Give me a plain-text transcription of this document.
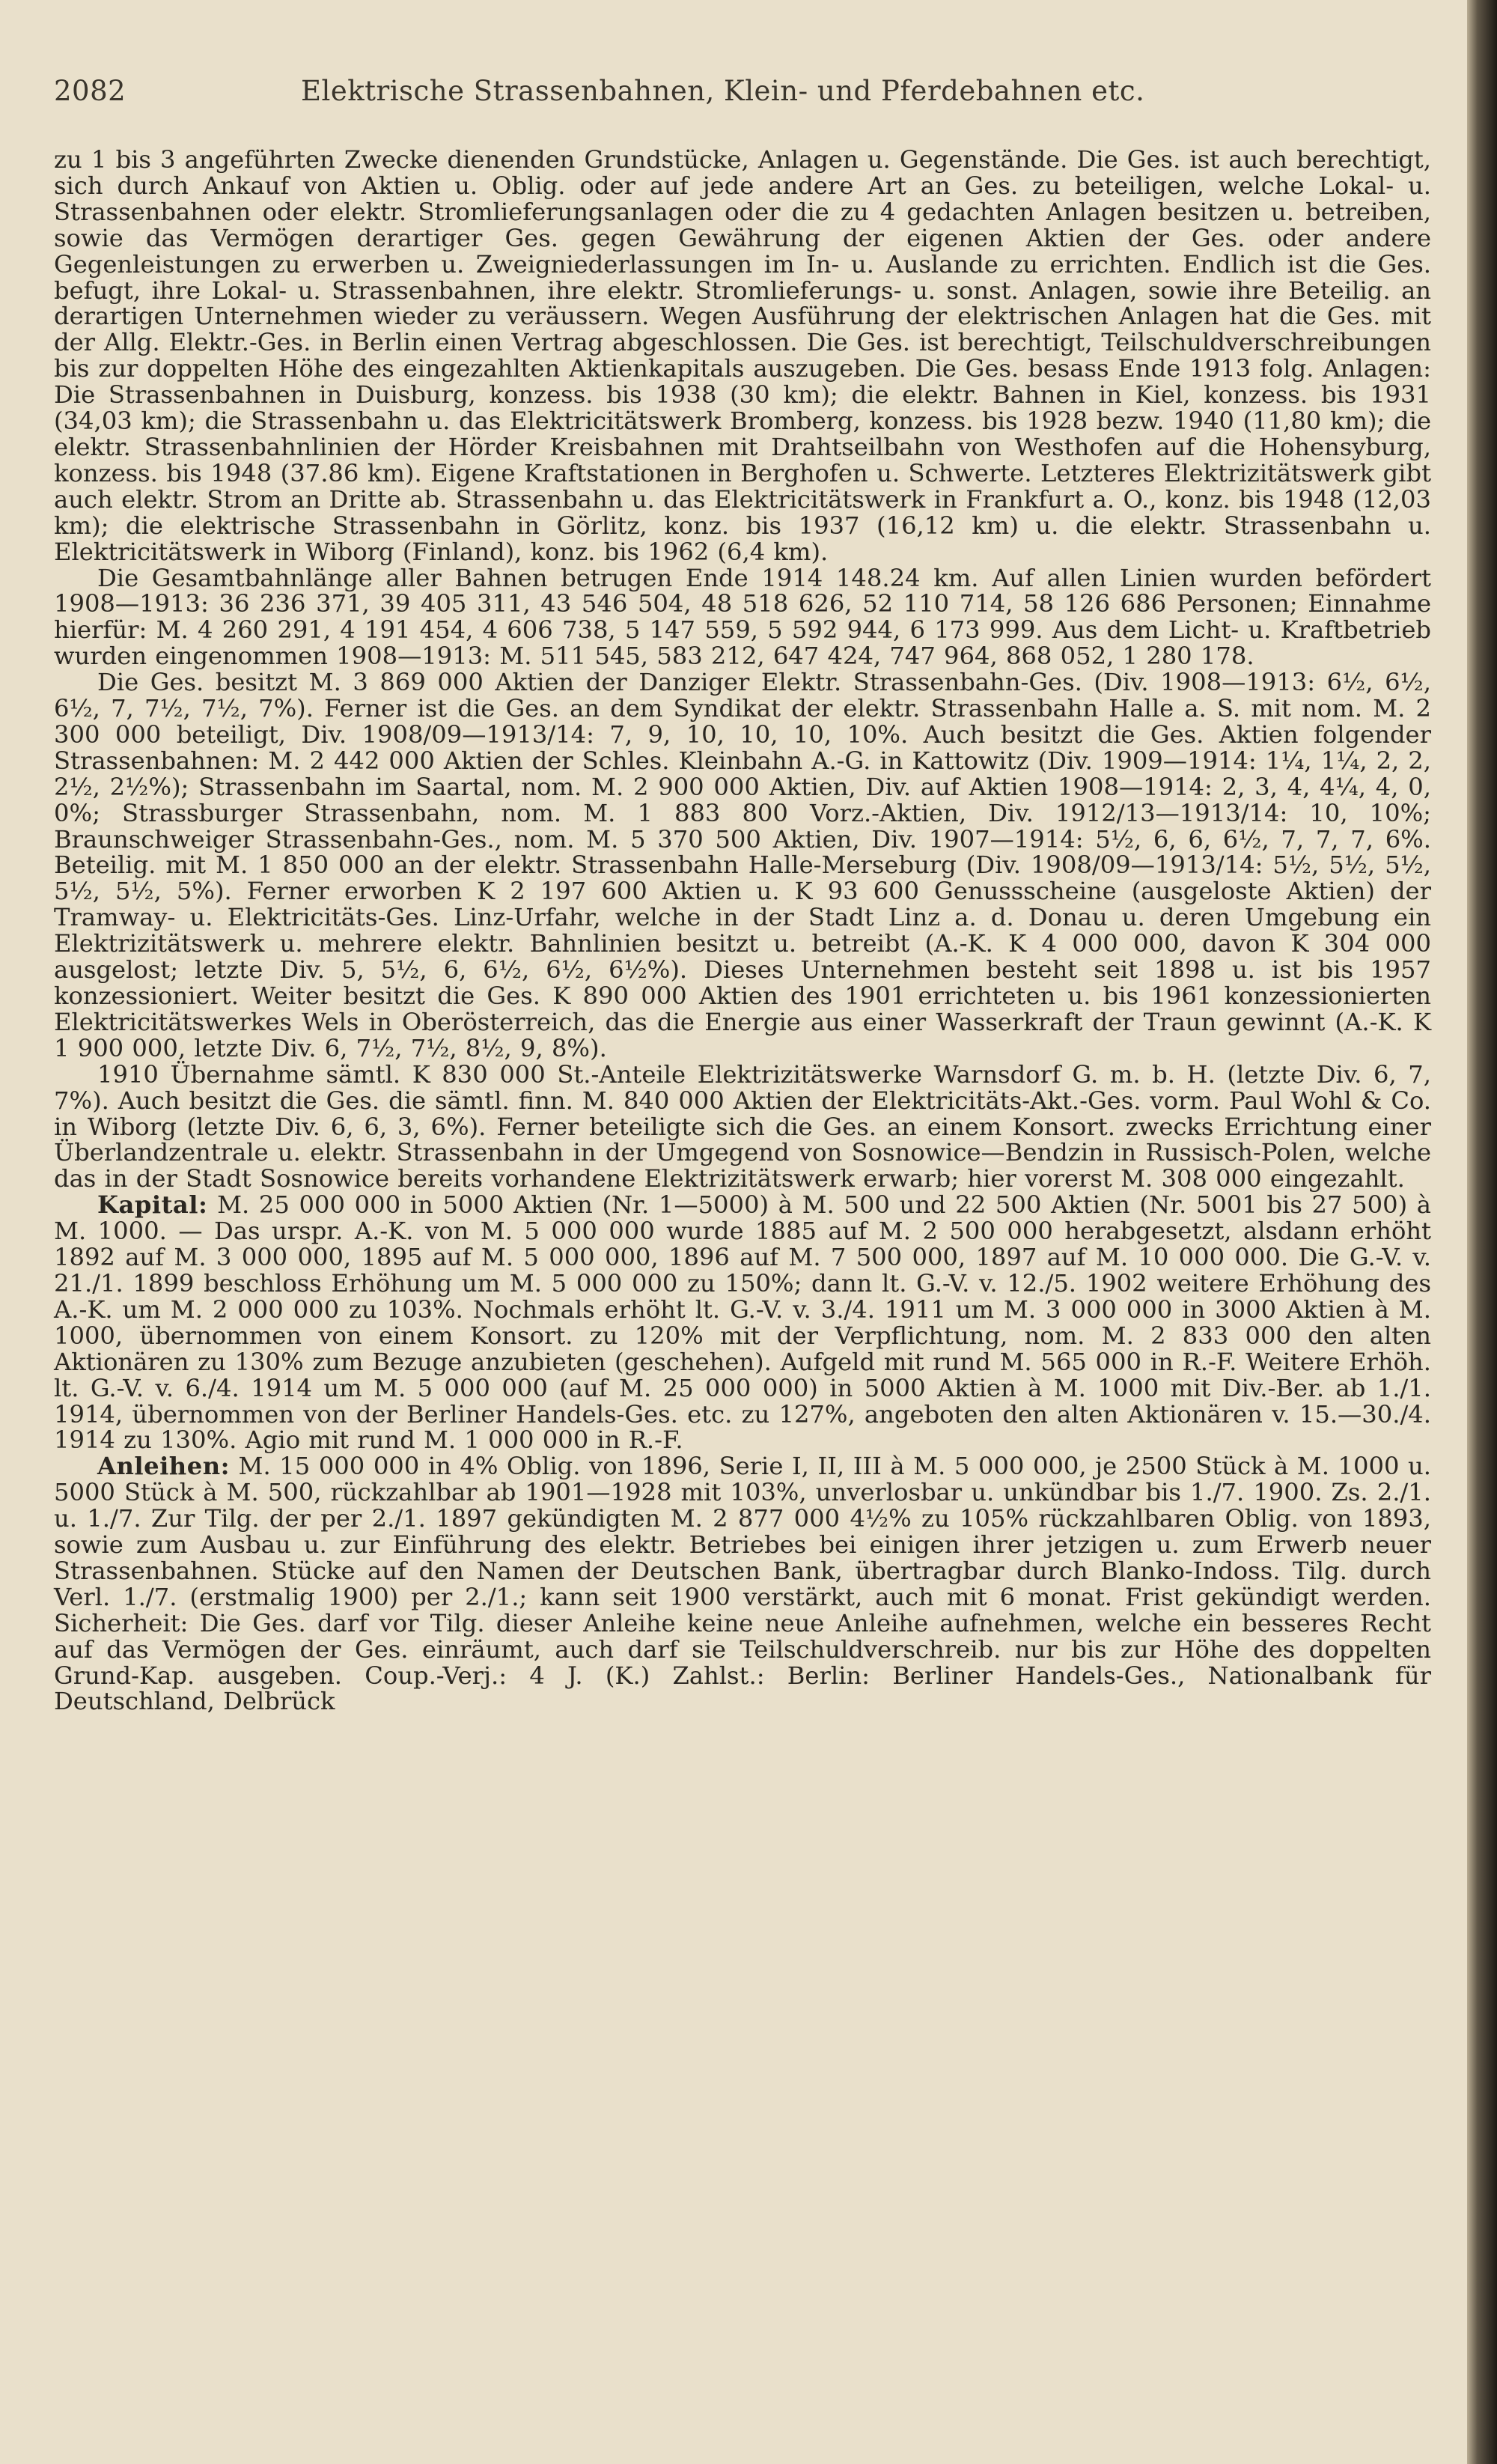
2082	Elektrische Strassenbahnen, Klein- und Pferdebahnen etc.

zu 1 bis 3 angeführten Zwecke dienenden Grundstücke, Anlagen u. Gegenstände. Die Ges. ist auch berechtigt, sich durch Ankauf von Aktien u. Oblig. oder auf jede andere Art an Ges. zu beteiligen, welche Lokal- u. Strassenbahnen oder elektr. Stromlieferungsanlagen oder die zu 4 gedachten Anlagen besitzen u. betreiben, sowie das Vermögen derartiger Ges. gegen Gewährung der eigenen Aktien der Ges. oder andere Gegenleistungen zu erwerben u. Zweigniederlassungen im In- u. Auslande zu errichten. Endlich ist die Ges. befugt, ihre Lokal- u. Strassenbahnen, ihre elektr. Stromlieferungs- u. sonst. Anlagen, sowie ihre Beteilig. an derartigen Unternehmen wieder zu veräussern. Wegen Ausführung der elektrischen Anlagen hat die Ges. mit der Allg. Elektr.-Ges. in Berlin einen Vertrag abgeschlossen. Die Ges. ist berechtigt, Teilschuldverschreibungen bis zur doppelten Höhe des eingezahlten Aktienkapitals auszugeben. Die Ges. besass Ende 1913 folg. Anlagen: Die Strassenbahnen in Duisburg, konzess. bis 1938 (30 km); die elektr. Bahnen in Kiel, konzess. bis 1931 (34,03 km); die Strassenbahn u. das Elektricitätswerk Bromberg, konzess. bis 1928 bezw. 1940 (11,80 km); die elektr. Strassenbahnlinien der Hörder Kreisbahnen mit Drahtseilbahn von Westhofen auf die Hohensyburg, konzess. bis 1948 (37.86 km). Eigene Kraftstationen in Berghofen u. Schwerte. Letzteres Elektrizitätswerk gibt auch elektr. Strom an Dritte ab. Strassenbahn u. das Elektricitätswerk in Frankfurt a. O., konz. bis 1948 (12,03 km); die elektrische Strassenbahn in Görlitz, konz. bis 1937 (16,12 km) u. die elektr. Strassenbahn u. Elektricitätswerk in Wiborg (Finland), konz. bis 1962 (6,4 km).

Die Gesamtbahnlänge aller Bahnen betrugen Ende 1914 148.24 km. Auf allen Linien wurden befördert 1908—1913: 36 236 371, 39 405 311, 43 546 504, 48 518 626, 52 110 714, 58 126 686 Personen; Einnahme hierfür: M. 4 260 291, 4 191 454, 4 606 738, 5 147 559, 5 592 944, 6 173 999. Aus dem Licht- u. Kraftbetrieb wurden eingenommen 1908—1913: M. 511 545, 583 212, 647 424, 747 964, 868 052, 1 280 178.

Die Ges. besitzt M. 3 869 000 Aktien der Danziger Elektr. Strassenbahn-Ges. (Div. 1908—1913: 6½, 6½, 6½, 7, 7½, 7½, 7%). Ferner ist die Ges. an dem Syndikat der elektr. Strassenbahn Halle a. S. mit nom. M. 2 300 000 beteiligt, Div. 1908/09—1913/14: 7, 9, 10, 10, 10, 10%. Auch besitzt die Ges. Aktien folgender Strassenbahnen: M. 2 442 000 Aktien der Schles. Kleinbahn A.-G. in Kattowitz (Div. 1909—1914: 1¼, 1¼, 2, 2, 2½, 2½%); Strassenbahn im Saartal, nom. M. 2 900 000 Aktien, Div. auf Aktien 1908—1914: 2, 3, 4, 4¼, 4, 0, 0%; Strassburger Strassenbahn, nom. M. 1 883 800 Vorz.-Aktien, Div. 1912/13—1913/14: 10, 10%; Braunschweiger Strassenbahn-Ges., nom. M. 5 370 500 Aktien, Div. 1907—1914: 5½, 6, 6, 6½, 7, 7, 7, 6%. Beteilig. mit M. 1 850 000 an der elektr. Strassenbahn Halle-Merseburg (Div. 1908/09—1913/14: 5½, 5½, 5½, 5½, 5½, 5%). Ferner erworben K 2 197 600 Aktien u. K 93 600 Genussscheine (ausgeloste Aktien) der Tramway- u. Elektricitäts-Ges. Linz-Urfahr, welche in der Stadt Linz a. d. Donau u. deren Umgebung ein Elektrizitätswerk u. mehrere elektr. Bahnlinien besitzt u. betreibt (A.-K. K 4 000 000, davon K 304 000 ausgelost; letzte Div. 5, 5½, 6, 6½, 6½, 6½%). Dieses Unternehmen besteht seit 1898 u. ist bis 1957 konzessioniert. Weiter besitzt die Ges. K 890 000 Aktien des 1901 errichteten u. bis 1961 konzessionierten Elektricitätswerkes Wels in Oberösterreich, das die Energie aus einer Wasserkraft der Traun gewinnt (A.-K. K 1 900 000, letzte Div. 6, 7½, 7½, 8½, 9, 8%).

1910 Übernahme sämtl. K 830 000 St.-Anteile Elektrizitätswerke Warnsdorf G. m. b. H. (letzte Div. 6, 7, 7%). Auch besitzt die Ges. die sämtl. finn. M. 840 000 Aktien der Elektricitäts-Akt.-Ges. vorm. Paul Wohl & Co. in Wiborg (letzte Div. 6, 6, 3, 6%). Ferner beteiligte sich die Ges. an einem Konsort. zwecks Errichtung einer Überlandzentrale u. elektr. Strassenbahn in der Umgegend von Sosnowice—Bendzin in Russisch-Polen, welche das in der Stadt Sosnowice bereits vorhandene Elektrizitätswerk erwarb; hier vorerst M. 308 000 eingezahlt.

Kapital: M. 25 000 000 in 5000 Aktien (Nr. 1—5000) à M. 500 und 22 500 Aktien (Nr. 5001 bis 27 500) à M. 1000. — Das urspr. A.-K. von M. 5 000 000 wurde 1885 auf M. 2 500 000 herabgesetzt, alsdann erhöht 1892 auf M. 3 000 000, 1895 auf M. 5 000 000, 1896 auf M. 7 500 000, 1897 auf M. 10 000 000. Die G.-V. v. 21./1. 1899 beschloss Erhöhung um M. 5 000 000 zu 150%; dann lt. G.-V. v. 12./5. 1902 weitere Erhöhung des A.-K. um M. 2 000 000 zu 103%. Nochmals erhöht lt. G.-V. v. 3./4. 1911 um M. 3 000 000 in 3000 Aktien à M. 1000, übernommen von einem Konsort. zu 120% mit der Verpflichtung, nom. M. 2 833 000 den alten Aktionären zu 130% zum Bezuge anzubieten (geschehen). Aufgeld mit rund M. 565 000 in R.-F. Weitere Erhöh. lt. G.-V. v. 6./4. 1914 um M. 5 000 000 (auf M. 25 000 000) in 5000 Aktien à M. 1000 mit Div.-Ber. ab 1./1. 1914, übernommen von der Berliner Handels-Ges. etc. zu 127%, angeboten den alten Aktionären v. 15.—30./4. 1914 zu 130%. Agio mit rund M. 1 000 000 in R.-F.

Anleihen: M. 15 000 000 in 4% Oblig. von 1896, Serie I, II, III à M. 5 000 000, je 2500 Stück à M. 1000 u. 5000 Stück à M. 500, rückzahlbar ab 1901—1928 mit 103%, unverlosbar u. unkündbar bis 1./7. 1900. Zs. 2./1. u. 1./7. Zur Tilg. der per 2./1. 1897 gekündigten M. 2 877 000 4½% zu 105% rückzahlbaren Oblig. von 1893, sowie zum Ausbau u. zur Einführung des elektr. Betriebes bei einigen ihrer jetzigen u. zum Erwerb neuer Strassenbahnen. Stücke auf den Namen der Deutschen Bank, übertragbar durch Blanko-Indoss. Tilg. durch Verl. 1./7. (erstmalig 1900) per 2./1.; kann seit 1900 verstärkt, auch mit 6 monat. Frist gekündigt werden. Sicherheit: Die Ges. darf vor Tilg. dieser Anleihe keine neue Anleihe aufnehmen, welche ein besseres Recht auf das Vermögen der Ges. einräumt, auch darf sie Teilschuldverschreib. nur bis zur Höhe des doppelten Grund-Kap. ausgeben. Coup.-Verj.: 4 J. (K.) Zahlst.: Berlin: Berliner Handels-Ges., Nationalbank für Deutschland, Delbrück
